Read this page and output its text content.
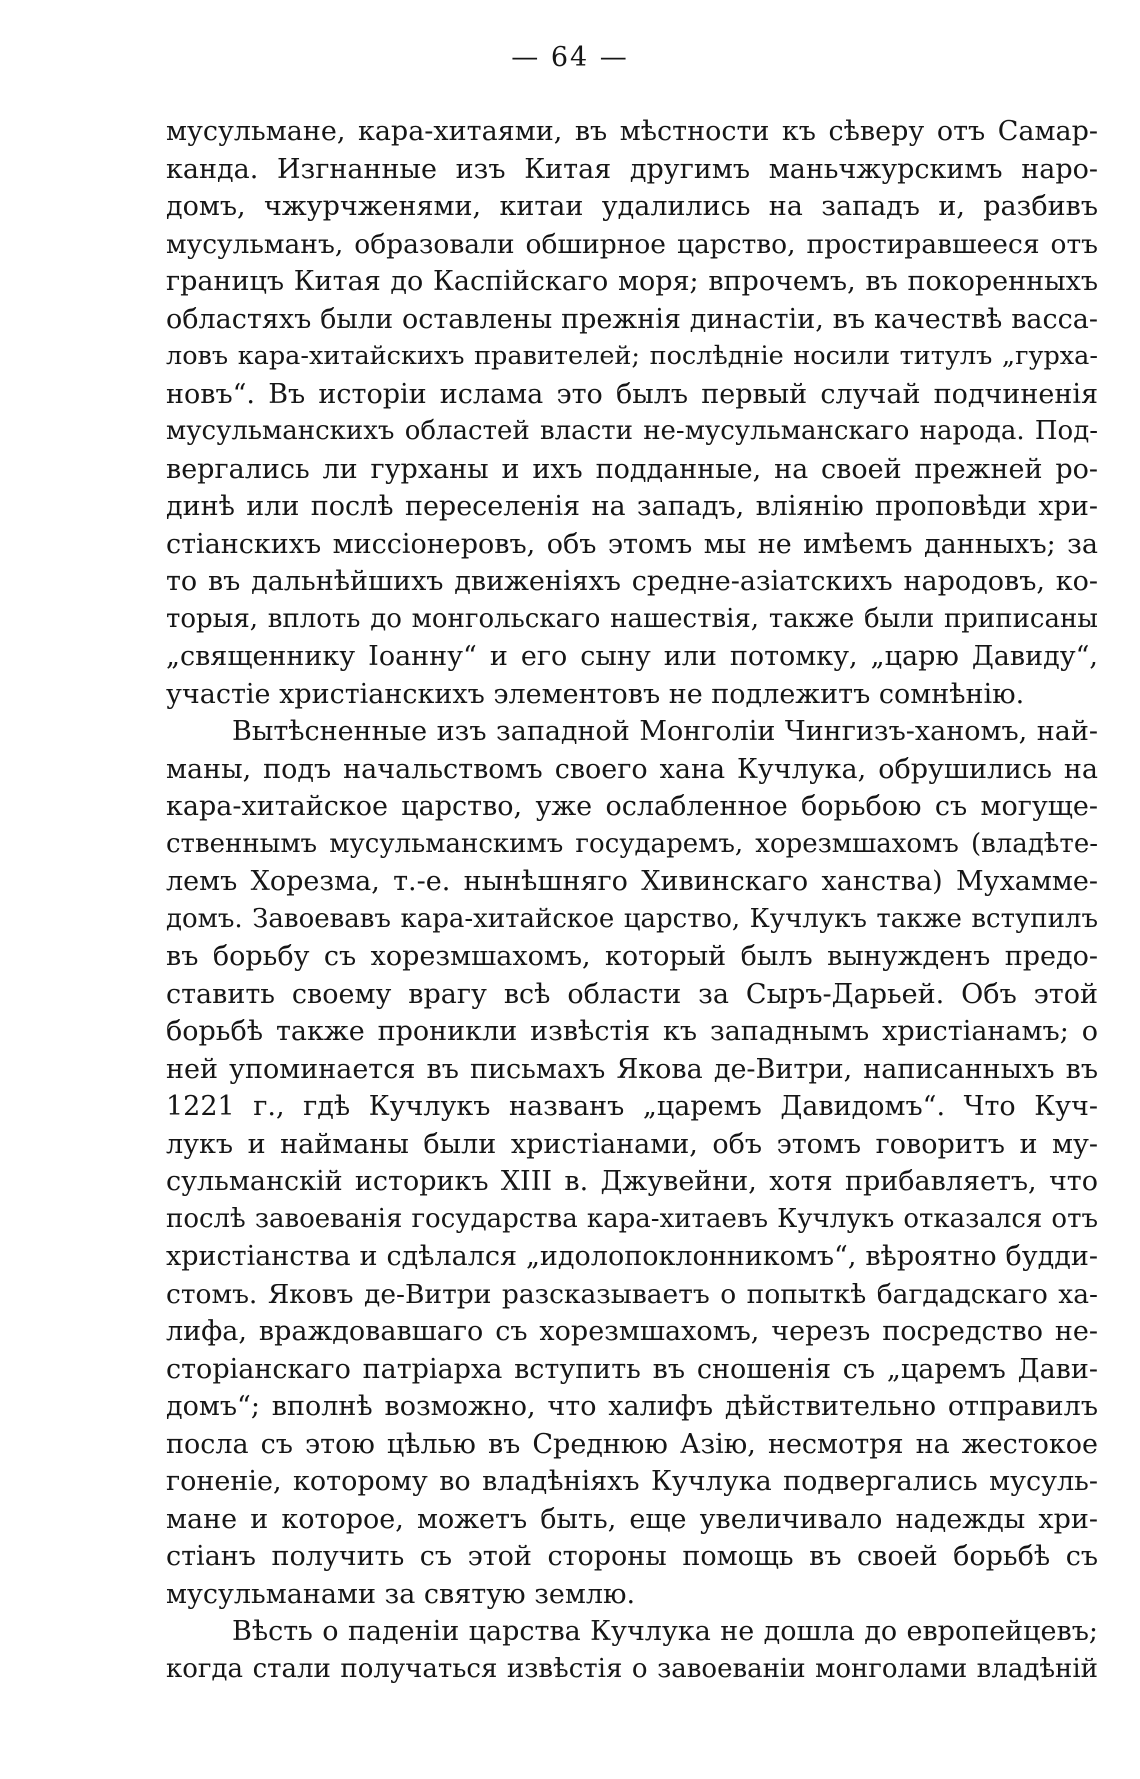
— 64 —
мусульмане, кара-хитаями, въ мѣстности къ сѣверу отъ Самар-
канда. Изгнанные изъ Китая другимъ маньчжурскимъ наро-
домъ, чжурчженями, китаи удалились на западъ и, разбивъ
мусульманъ, образовали обширное царство, простиравшееся отъ
границъ Китая до Каспійскаго моря; впрочемъ, въ покоренныхъ
областяхъ были оставлены прежнія династіи, въ качествѣ васса-
ловъ кара-хитайскихъ правителей; послѣдніе носили титулъ „гурха-
новъ“. Въ исторіи ислама это былъ первый случай подчиненія
мусульманскихъ областей власти не-мусульманскаго народа. Под-
вергались ли гурханы и ихъ подданные, на своей прежней ро-
динѣ или послѣ переселенія на западъ, вліянію проповѣди хри-
стіанскихъ миссіонеровъ, объ этомъ мы не имѣемъ данныхъ; за
то въ дальнѣйшихъ движеніяхъ средне-азіатскихъ народовъ, ко-
торыя, вплоть до монгольскаго нашествія, также были приписаны
„священнику Іоанну“ и его сыну или потомку, „царю Давиду“,
участіе христіанскихъ элементовъ не подлежитъ сомнѣнію.
Вытѣсненные изъ западной Монголіи Чингизъ-ханомъ, най-
маны, подъ начальствомъ своего хана Кучлука, обрушились на
кара-хитайское царство, уже ослабленное борьбою съ могуще-
ственнымъ мусульманскимъ государемъ, хорезмшахомъ (владѣте-
лемъ Хорезма, т.-е. нынѣшняго Хивинскаго ханства) Мухамме-
домъ. Завоевавъ кара-хитайское царство, Кучлукъ также вступилъ
въ борьбу съ хорезмшахомъ, который былъ вынужденъ предо-
ставить своему врагу всѣ области за Сыръ-Дарьей. Объ этой
борьбѣ также проникли извѣстія къ западнымъ христіанамъ; о
ней упоминается въ письмахъ Якова де-Витри, написанныхъ въ
1221 г., гдѣ Кучлукъ названъ „царемъ Давидомъ“. Что Куч-
лукъ и найманы были христіанами, объ этомъ говоритъ и му-
сульманскій историкъ XIII в. Джувейни, хотя прибавляетъ, что
послѣ завоеванія государства кара-хитаевъ Кучлукъ отказался отъ
христіанства и сдѣлался „идолопоклонникомъ“, вѣроятно будди-
стомъ. Яковъ де-Витри разсказываетъ о попыткѣ багдадскаго ха-
лифа, враждовавшаго съ хорезмшахомъ, черезъ посредство не-
сторіанскаго патріарха вступить въ сношенія съ „царемъ Дави-
домъ“; вполнѣ возможно, что халифъ дѣйствительно отправилъ
посла съ этою цѣлью въ Среднюю Азію, несмотря на жестокое
гоненіе, которому во владѣніяхъ Кучлука подвергались мусуль-
мане и которое, можетъ быть, еще увеличивало надежды хри-
стіанъ получить съ этой стороны помощь въ своей борьбѣ съ
мусульманами за святую землю.
Вѣсть о паденіи царства Кучлука не дошла до европейцевъ;
когда стали получаться извѣстія о завоеваніи монголами владѣній
